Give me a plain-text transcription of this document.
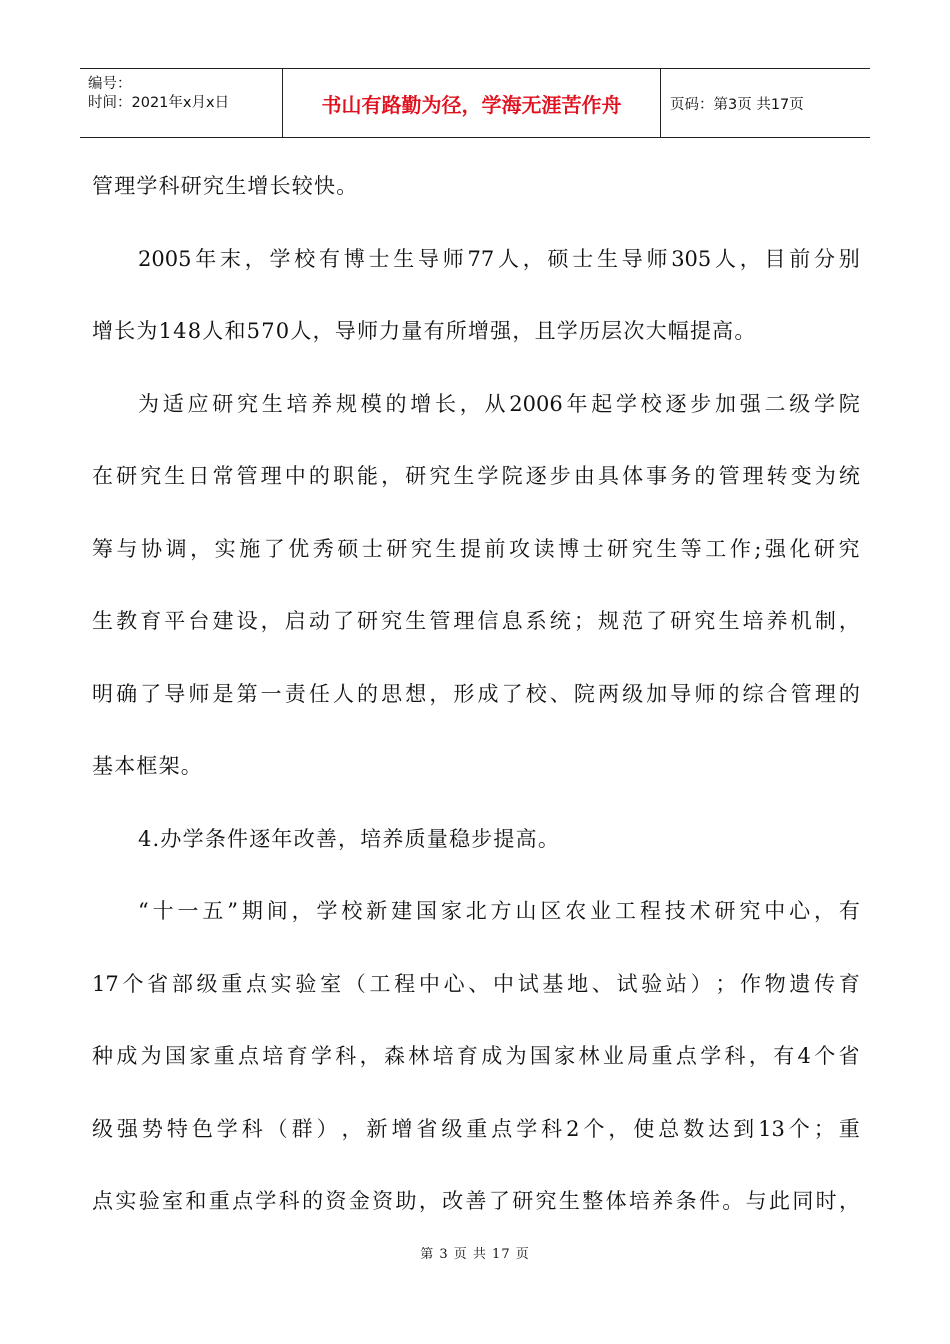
编号：
时间：2021年x月x日	书山有路勤为径，学海无涯苦作舟	页码：第3页 共17页
管理学科研究生增长较快。
2005 年 末 ， 学 校 有 博 士 生 导 师 77 人 ， 硕 士 生 导 师 305 人 ， 目 前 分 别
增长为148人和570人，导师力量有所增强，且学历层次大幅提高。
为 适 应 研 究 生 培 养 规 模 的 增 长 ， 从 2006 年 起 学 校 逐 步 加 强 二 级 学 院
在 研 究 生 日 常 管 理 中 的 职 能 ， 研 究 生 学 院 逐 步 由 具 体 事 务 的 管 理 转 变 为 统
筹 与 协 调 ， 实 施 了 优 秀 硕 士 研 究 生 提 前 攻 读 博 士 研 究 生 等 工 作 ; 强 化 研 究
生 教 育 平 台 建 设 ， 启 动 了 研 究 生 管 理 信 息 系 统 ； 规 范 了 研 究 生 培 养 机 制 ，
明 确 了 导 师 是 第 一 责 任 人 的 思 想 ， 形 成 了 校 、 院 两 级 加 导 师 的 综 合 管 理 的
基本框架。
4.办学条件逐年改善，培养质量稳步提高。
“ 十 一 五 ” 期 间 ， 学 校 新 建 国 家 北 方 山 区 农 业 工 程 技 术 研 究 中 心 ， 有
17 个 省 部 级 重 点 实 验 室 （ 工 程 中 心 、 中 试 基 地 、 试 验 站 ） ； 作 物 遗 传 育
种 成 为 国 家 重 点 培 育 学 科 ， 森 林 培 育 成 为 国 家 林 业 局 重 点 学 科 ， 有 4 个 省
级 强 势 特 色 学 科 （ 群 ） ， 新 增 省 级 重 点 学 科 2 个 ， 使 总 数 达 到 13 个 ； 重
点 实 验 室 和 重 点 学 科 的 资 金 资 助 ， 改 善 了 研 究 生 整 体 培 养 条 件 。 与 此 同 时 ，
第 3 页 共 17 页
